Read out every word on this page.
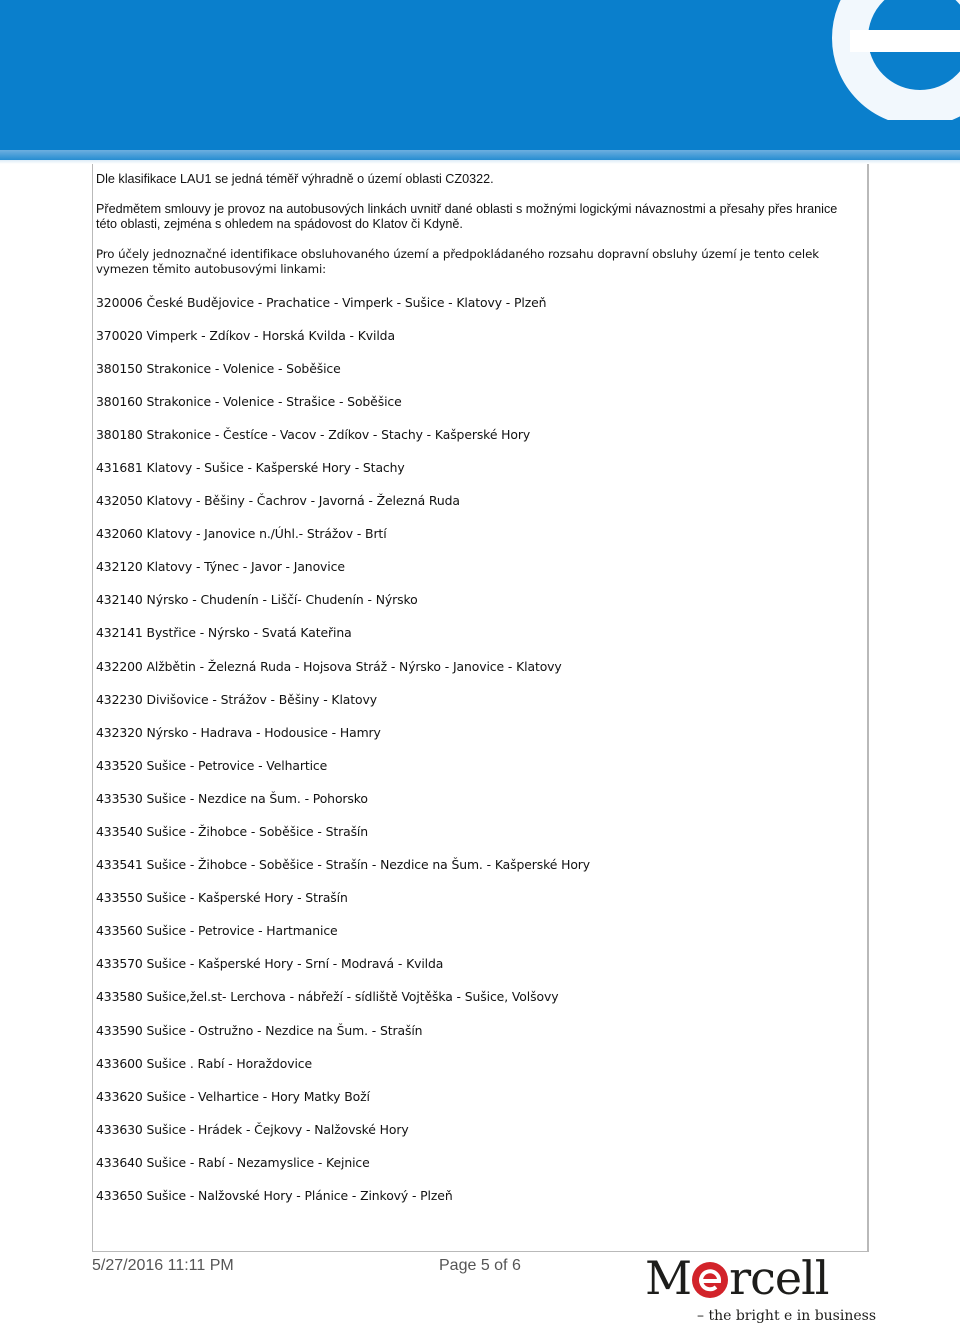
Dle klasifikace LAU1 se jedná téměř výhradně o území oblasti CZ0322.

Předmětem smlouvy je provoz na autobusových linkách uvnitř dané oblasti s možnými logickými návaznostmi a přesahy přes hranice této oblasti, zejména s ohledem na spádovost do Klatov či Kdyně.

Pro účely jednoznačné identifikace obsluhovaného území a předpokládaného rozsahu dopravní obsluhy území je tento celek vymezen těmito autobusovými linkami:

320006 České Budějovice - Prachatice - Vimperk - Sušice - Klatovy - Plzeň
370020 Vimperk - Zdíkov - Horská Kvilda - Kvilda
380150 Strakonice - Volenice - Soběšice
380160 Strakonice - Volenice - Strašice - Soběšice
380180 Strakonice - Čestíce - Vacov - Zdíkov - Stachy - Kašperské Hory
431681 Klatovy - Sušice - Kašperské Hory - Stachy
432050 Klatovy - Běšiny - Čachrov - Javorná - Železná Ruda
432060 Klatovy - Janovice n./Úhl.- Strážov - Brtí
432120 Klatovy - Týnec - Javor - Janovice
432140 Nýrsko - Chudenín - Liščí- Chudenín - Nýrsko
432141 Bystřice - Nýrsko - Svatá Kateřina
432200 Alžbětin - Železná Ruda - Hojsova Stráž - Nýrsko - Janovice - Klatovy
432230 Divišovice - Strážov - Běšiny - Klatovy
432320 Nýrsko - Hadrava - Hodousice - Hamry
433520 Sušice - Petrovice - Velhartice
433530 Sušice - Nezdice na Šum. - Pohorsko
433540 Sušice - Žihobce - Soběšice - Strašín
433541 Sušice - Žihobce - Soběšice - Strašín - Nezdice na Šum. - Kašperské Hory
433550 Sušice - Kašperské Hory - Strašín
433560 Sušice - Petrovice - Hartmanice
433570 Sušice - Kašperské Hory - Srní - Modravá - Kvilda
433580 Sušice,žel.st- Lerchova - nábřeží - sídliště Vojtěška - Sušice, Volšovy
433590 Sušice - Ostružno - Nezdice na Šum. - Strašín
433600 Sušice . Rabí - Horaždovice
433620 Sušice - Velhartice - Hory Matky Boží
433630 Sušice - Hrádek - Čejkovy - Nalžovské Hory
433640 Sušice - Rabí - Nezamyslice - Kejnice
433650 Sušice - Nalžovské Hory - Plánice - Zinkový - Plzeň
5/27/2016 11:11 PM	Page 5 of 6	M rcell
– the bright e in business
